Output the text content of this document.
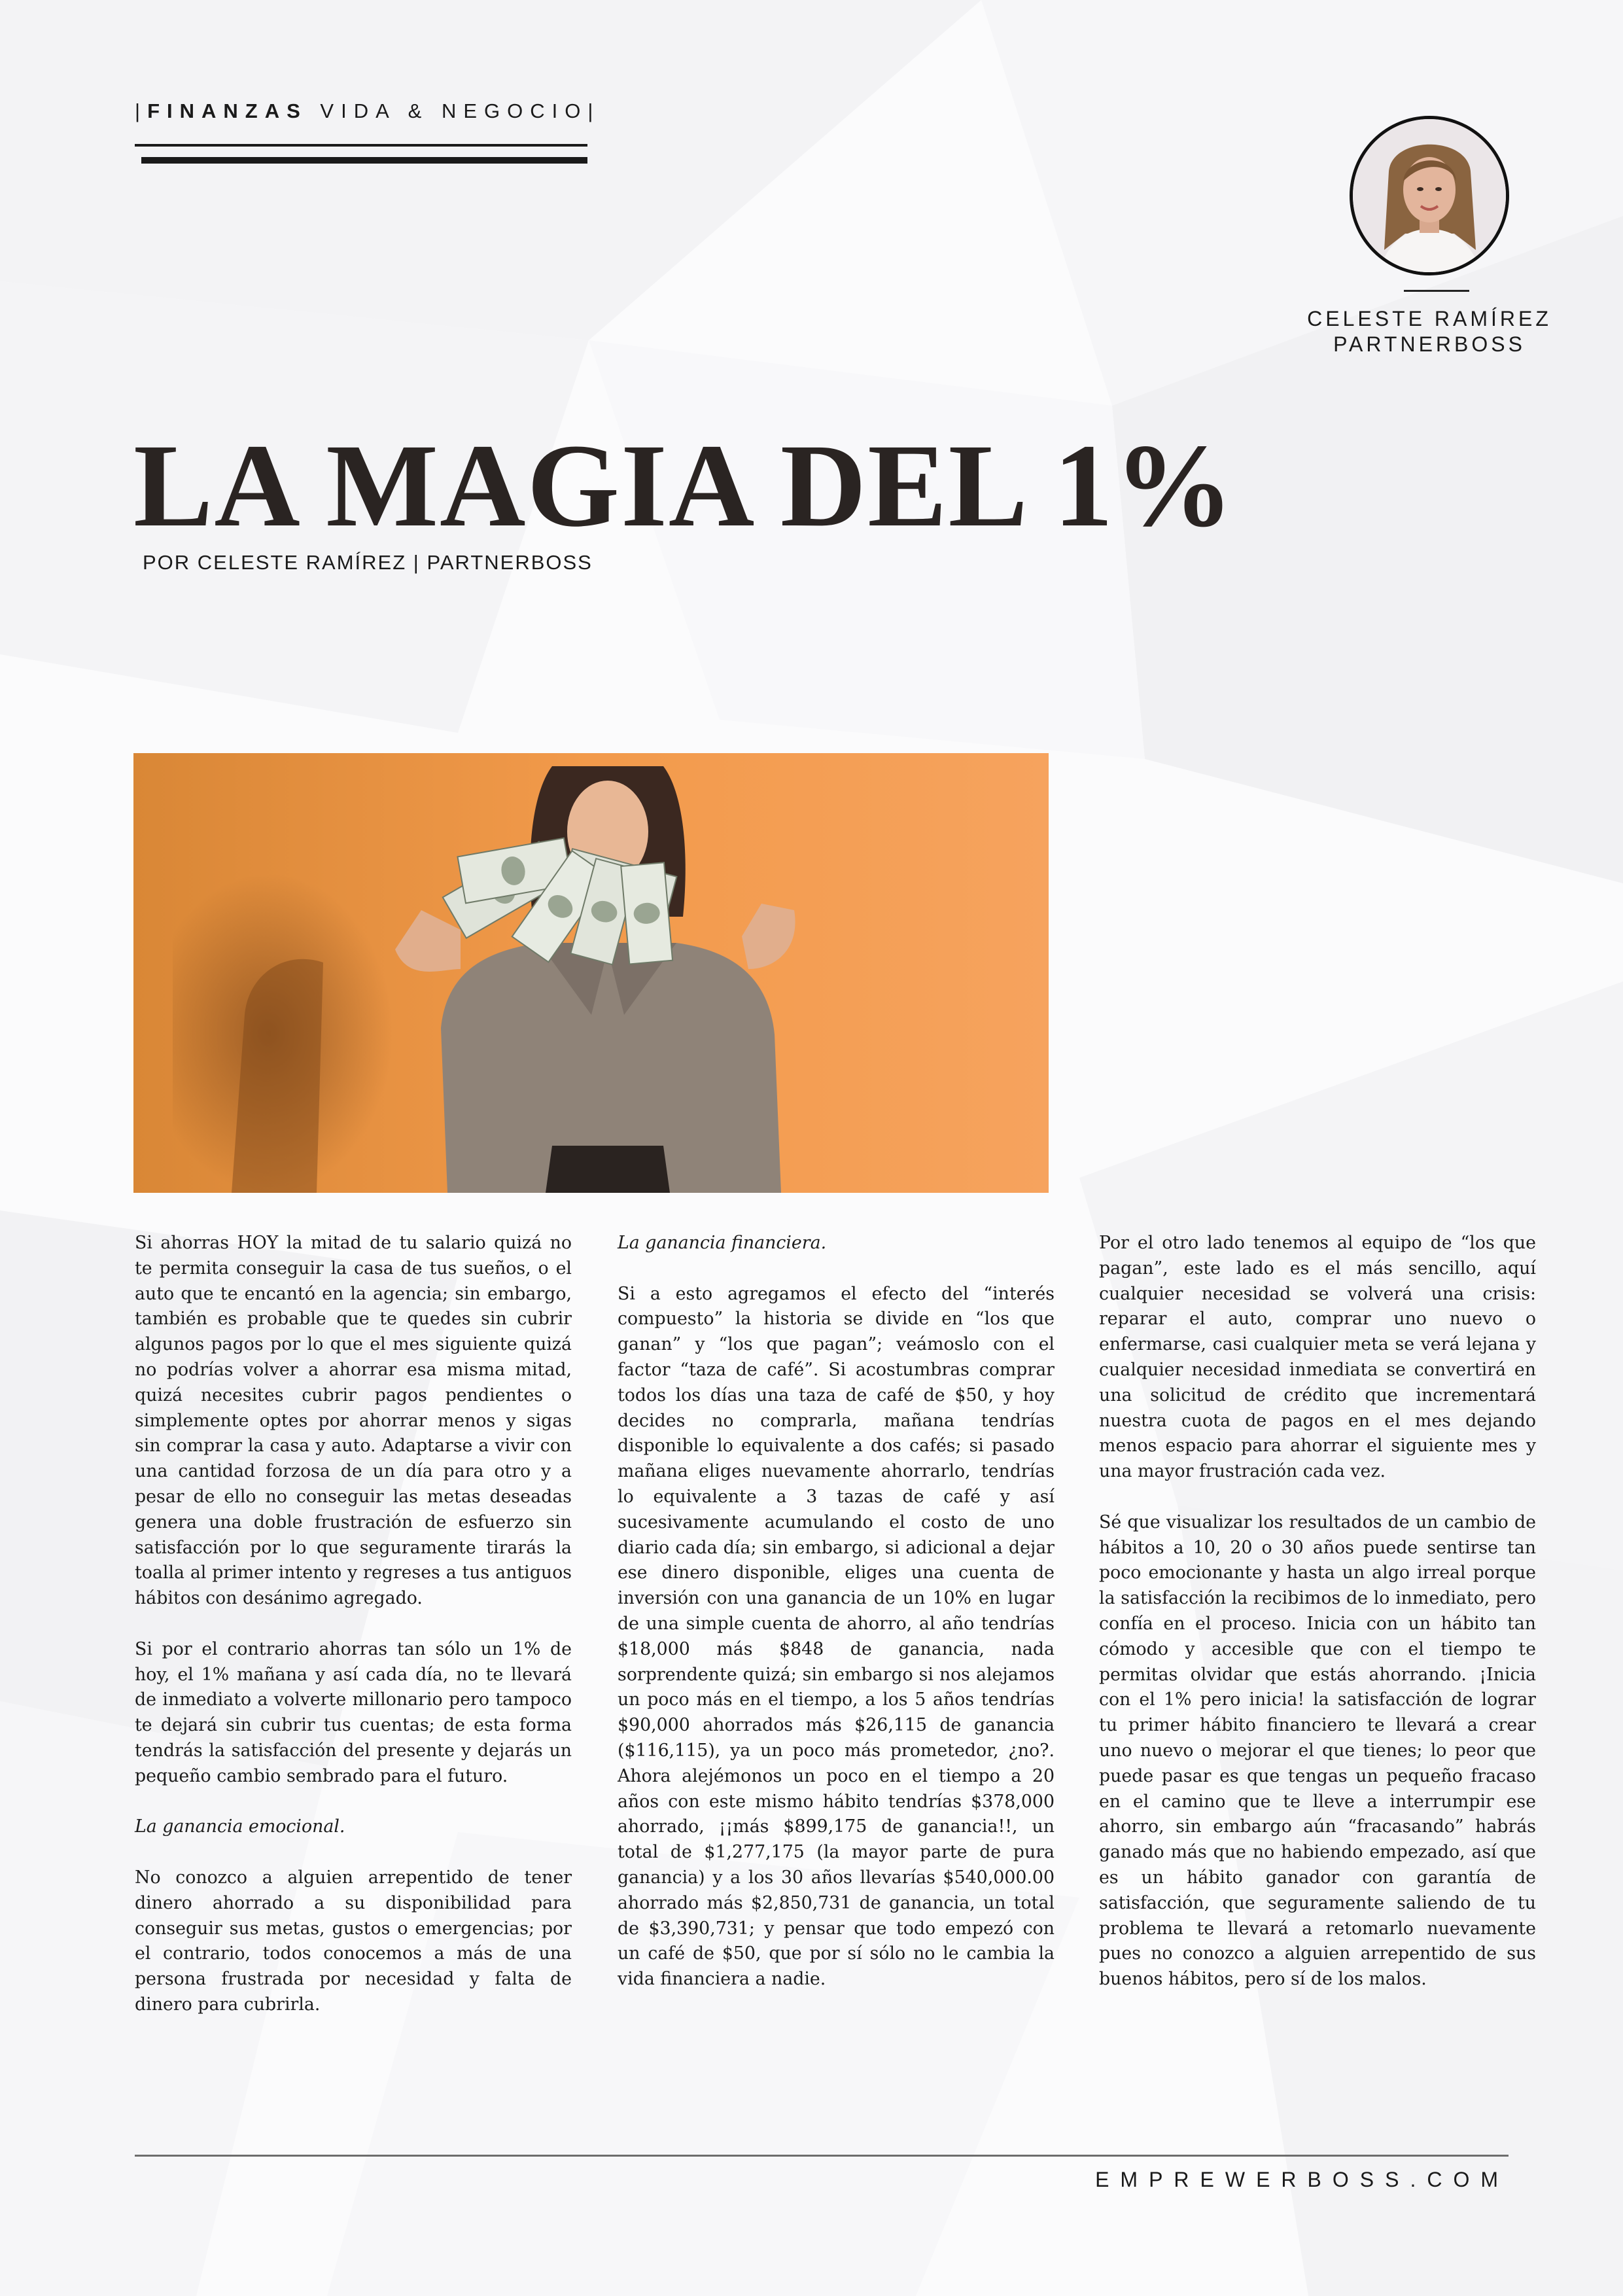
|FINANZAS VIDA & NEGOCIO|
CELESTE RAMÍREZ
PARTNERBOSS
LA MAGIA DEL 1%
POR CELESTE RAMÍREZ | PARTNERBOSS

Si ahorras HOY la mitad de tu salario quizá no te permita conseguir la casa de tus sueños, o el auto que te encantó en la agencia; sin embargo, también es probable que te quedes sin cubrir algunos pagos por lo que el mes siguiente quizá no podrías volver a ahorrar esa misma mitad, quizá necesites cubrir pagos pendientes o simplemente optes por ahorrar menos y sigas sin comprar la casa y auto. Adaptarse a vivir con una cantidad forzosa de un día para otro y a pesar de ello no conseguir las metas deseadas genera una doble frustración de esfuerzo sin satisfacción por lo que seguramente tirarás la toalla al primer intento y regreses a tus antiguos hábitos con desánimo agregado.

Si por el contrario ahorras tan sólo un 1% de hoy, el 1% mañana y así cada día, no te llevará de inmediato a volverte millonario pero tampoco te dejará sin cubrir tus cuentas; de esta forma tendrás la satisfacción del presente y dejarás un pequeño cambio sembrado para el futuro.

La ganancia emocional.

No conozco a alguien arrepentido de tener dinero ahorrado a su disponibilidad para conseguir sus metas, gustos o emergencias; por el contrario, todos conocemos a más de una persona frustrada por necesidad y falta de dinero para cubrirla.

La ganancia financiera.

Si a esto agregamos el efecto del “interés compuesto” la historia se divide en “los que ganan” y “los que pagan”; veámoslo con el factor “taza de café”. Si acostumbras comprar todos los días una taza de café de $50, y hoy decides no comprarla, mañana tendrías disponible lo equivalente a dos cafés; si pasado mañana eliges nuevamente ahorrarlo, tendrías lo equivalente a 3 tazas de café y así sucesivamente acumulando el costo de uno diario cada día; sin embargo, si adicional a dejar ese dinero disponible, eliges una cuenta de inversión con una ganancia de un 10% en lugar de una simple cuenta de ahorro, al año tendrías $18,000 más $848 de ganancia, nada sorprendente quizá; sin embargo si nos alejamos un poco más en el tiempo, a los 5 años tendrías $90,000 ahorrados más $26,115 de ganancia ($116,115), ya un poco más prometedor, ¿no?. Ahora alejémonos un poco en el tiempo a 20 años con este mismo hábito tendrías $378,000 ahorrado, ¡¡más $899,175 de ganancia!!, un total de $1,277,175 (la mayor parte de pura ganancia) y a los 30 años llevarías $540,000.00 ahorrado más $2,850,731 de ganancia, un total de $3,390,731; y pensar que todo empezó con un café de $50, que por sí sólo no le cambia la vida financiera a nadie.

Por el otro lado tenemos al equipo de “los que pagan”, este lado es el más sencillo, aquí cualquier necesidad se volverá una crisis: reparar el auto, comprar uno nuevo o enfermarse, casi cualquier meta se verá lejana y cualquier necesidad inmediata se convertirá en una solicitud de crédito que incrementará nuestra cuota de pagos en el mes dejando menos espacio para ahorrar el siguiente mes y una mayor frustración cada vez.

Sé que visualizar los resultados de un cambio de hábitos a 10, 20 o 30 años puede sentirse tan poco emocionante y hasta un algo irreal porque la satisfacción la recibimos de lo inmediato, pero confía en el proceso. Inicia con un hábito tan cómodo y accesible que con el tiempo te permitas olvidar que estás ahorrando. ¡Inicia con el 1% pero inicia! la satisfacción de lograr tu primer hábito financiero te llevará a crear uno nuevo o mejorar el que tienes; lo peor que puede pasar es que tengas un pequeño fracaso en el camino que te lleve a interrumpir ese ahorro, sin embargo aún “fracasando” habrás ganado más que no habiendo empezado, así que es un hábito ganador con garantía de satisfacción, que seguramente saliendo de tu problema te llevará a retomarlo nuevamente pues no conozco a alguien arrepentido de sus buenos hábitos, pero sí de los malos.

EMPREWERBOSS.COM
